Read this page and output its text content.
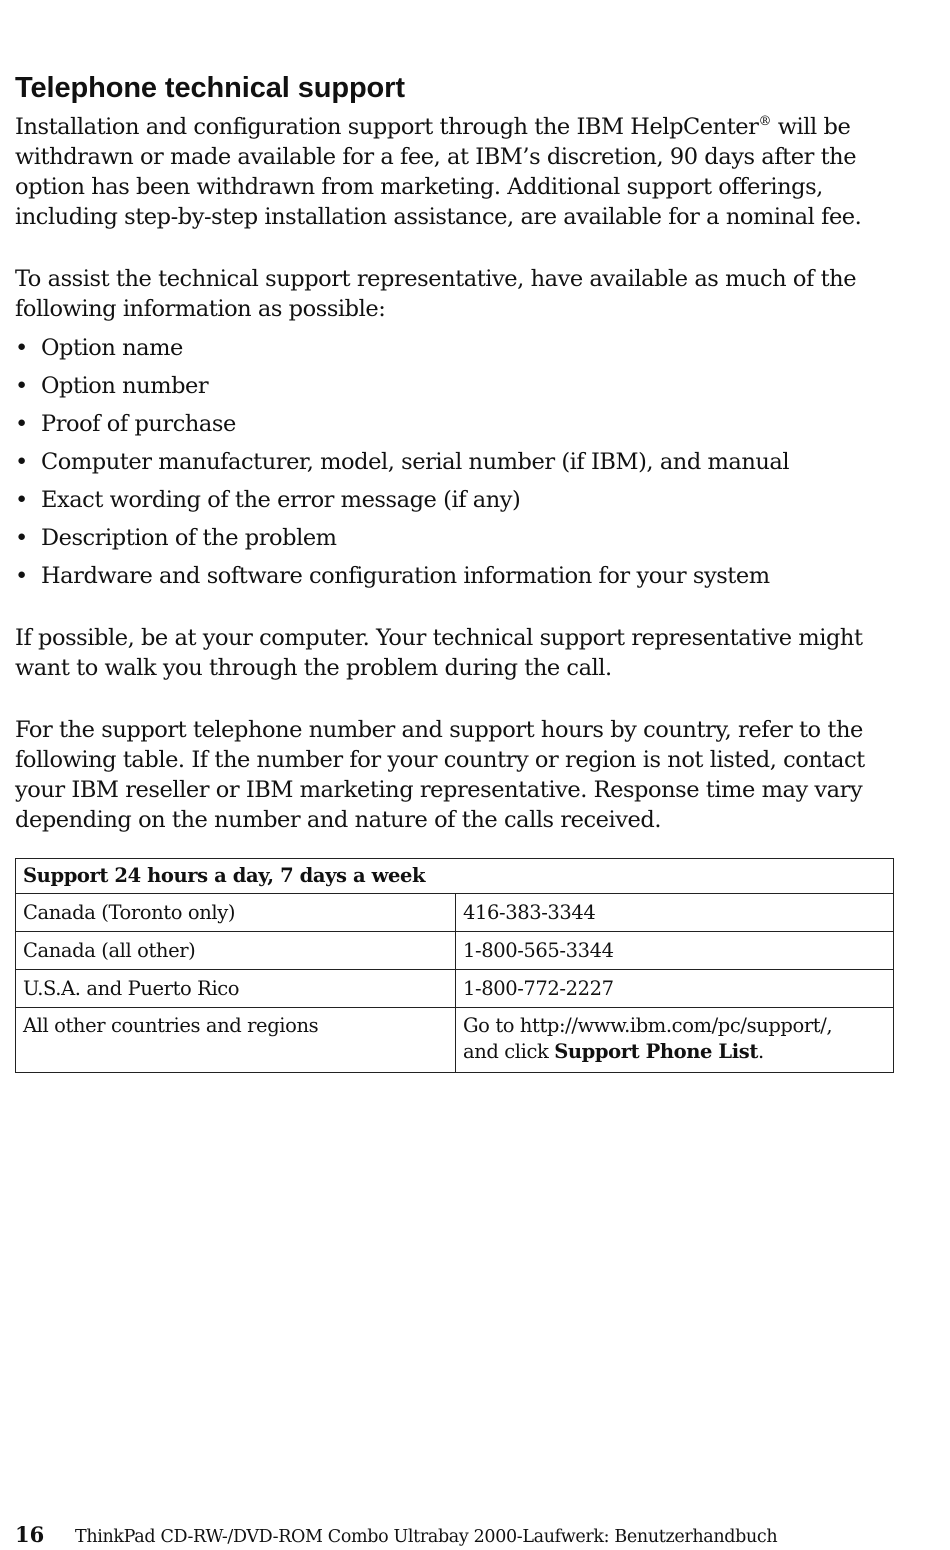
Telephone technical support

Installation and configuration support through the IBM HelpCenter® will be
withdrawn or made available for a fee, at IBM’s discretion, 90 days after the
option has been withdrawn from marketing. Additional support offerings,
including step-by-step installation assistance, are available for a nominal fee.

To assist the technical support representative, have available as much of the
following information as possible:

• Option name
• Option number
• Proof of purchase
• Computer manufacturer, model, serial number (if IBM), and manual
• Exact wording of the error message (if any)
• Description of the problem
• Hardware and software configuration information for your system

If possible, be at your computer. Your technical support representative might
want to walk you through the problem during the call.

For the support telephone number and support hours by country, refer to the
following table. If the number for your country or region is not listed, contact
your IBM reseller or IBM marketing representative. Response time may vary
depending on the number and nature of the calls received.

Support 24 hours a day, 7 days a week	
Canada (Toronto only)	416-383-3344
Canada (all other)	1-800-565-3344
U.S.A. and Puerto Rico	1-800-772-2227
All other countries and regions	Go to http://www.ibm.com/pc/support/,
and click Support Phone List.
16 ThinkPad CD-RW-/DVD-ROM Combo Ultrabay 2000-Laufwerk: Benutzerhandbuch
